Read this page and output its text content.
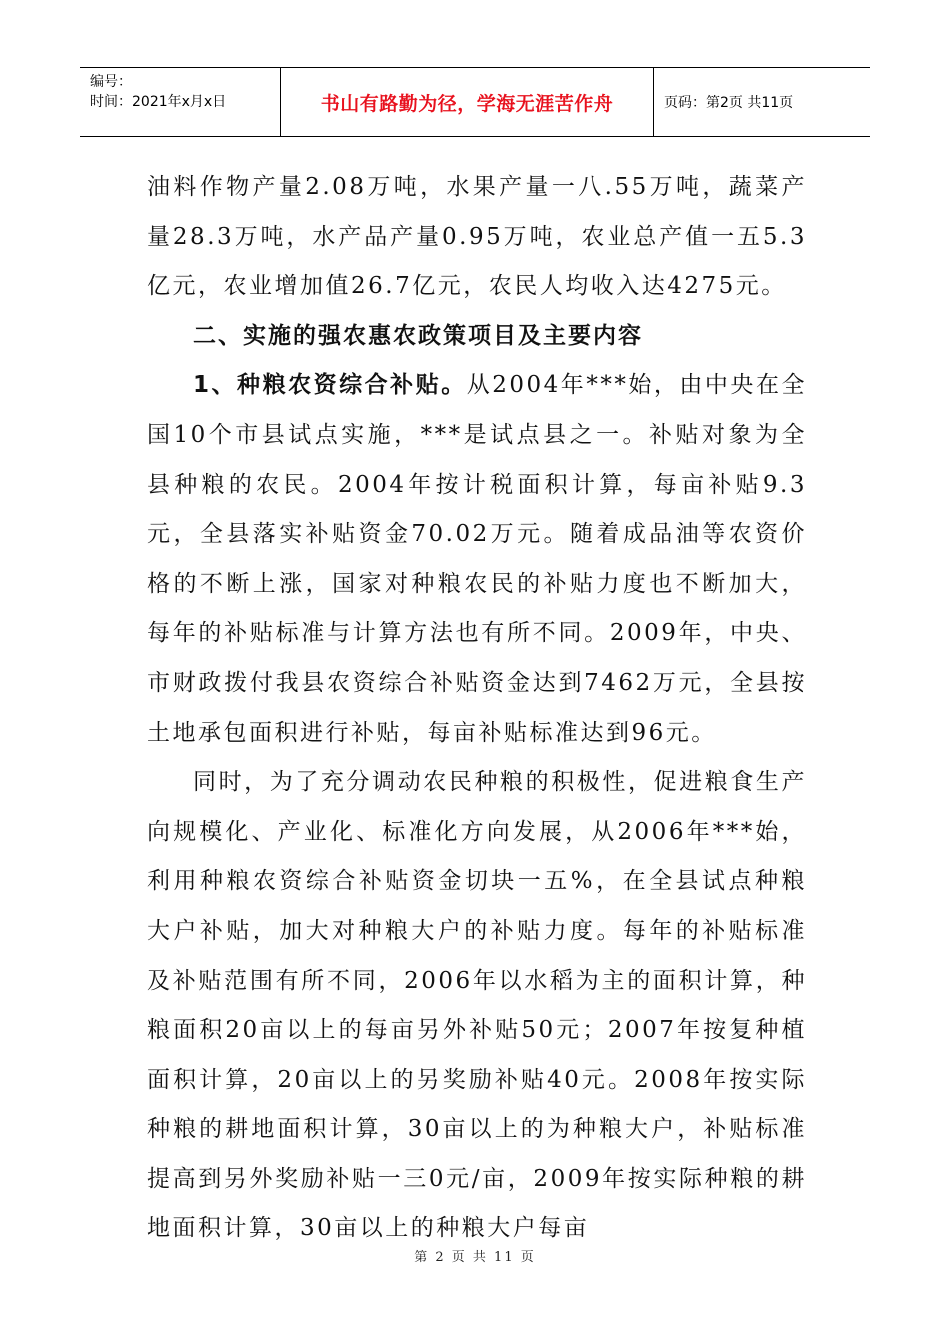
编号：
时间：2021年x月x日	书山有路勤为径，学海无涯苦作舟	页码：第2页 共11页

油料作物产量2.08万吨，水果产量一八.55万吨，蔬菜产量28.3万吨，水产品产量0.95万吨，农业总产值一五5.3亿元，农业增加值26.7亿元，农民人均收入达4275元。

二、实施的强农惠农政策项目及主要内容

1、种粮农资综合补贴。从2004年***始，由中央在全国10个市县试点实施，***是试点县之一。补贴对象为全县种粮的农民。2004年按计税面积计算，每亩补贴9.3元，全县落实补贴资金70.02万元。随着成品油等农资价格的不断上涨，国家对种粮农民的补贴力度也不断加大，每年的补贴标准与计算方法也有所不同。2009年，中央、市财政拨付我县农资综合补贴资金达到7462万元，全县按土地承包面积进行补贴，每亩补贴标准达到96元。

同时，为了充分调动农民种粮的积极性，促进粮食生产向规模化、产业化、标准化方向发展，从2006年***始，利用种粮农资综合补贴资金切块一五%，在全县试点种粮大户补贴，加大对种粮大户的补贴力度。每年的补贴标准及补贴范围有所不同，2006年以水稻为主的面积计算，种粮面积20亩以上的每亩另外补贴50元；2007年按复种植面积计算，20亩以上的另奖励补贴40元。2008年按实际种粮的耕地面积计算，30亩以上的为种粮大户，补贴标准提高到另外奖励补贴一三0元/亩，2009年按实际种粮的耕地面积计算，30亩以上的种粮大户每亩

第 2 页 共 11 页
